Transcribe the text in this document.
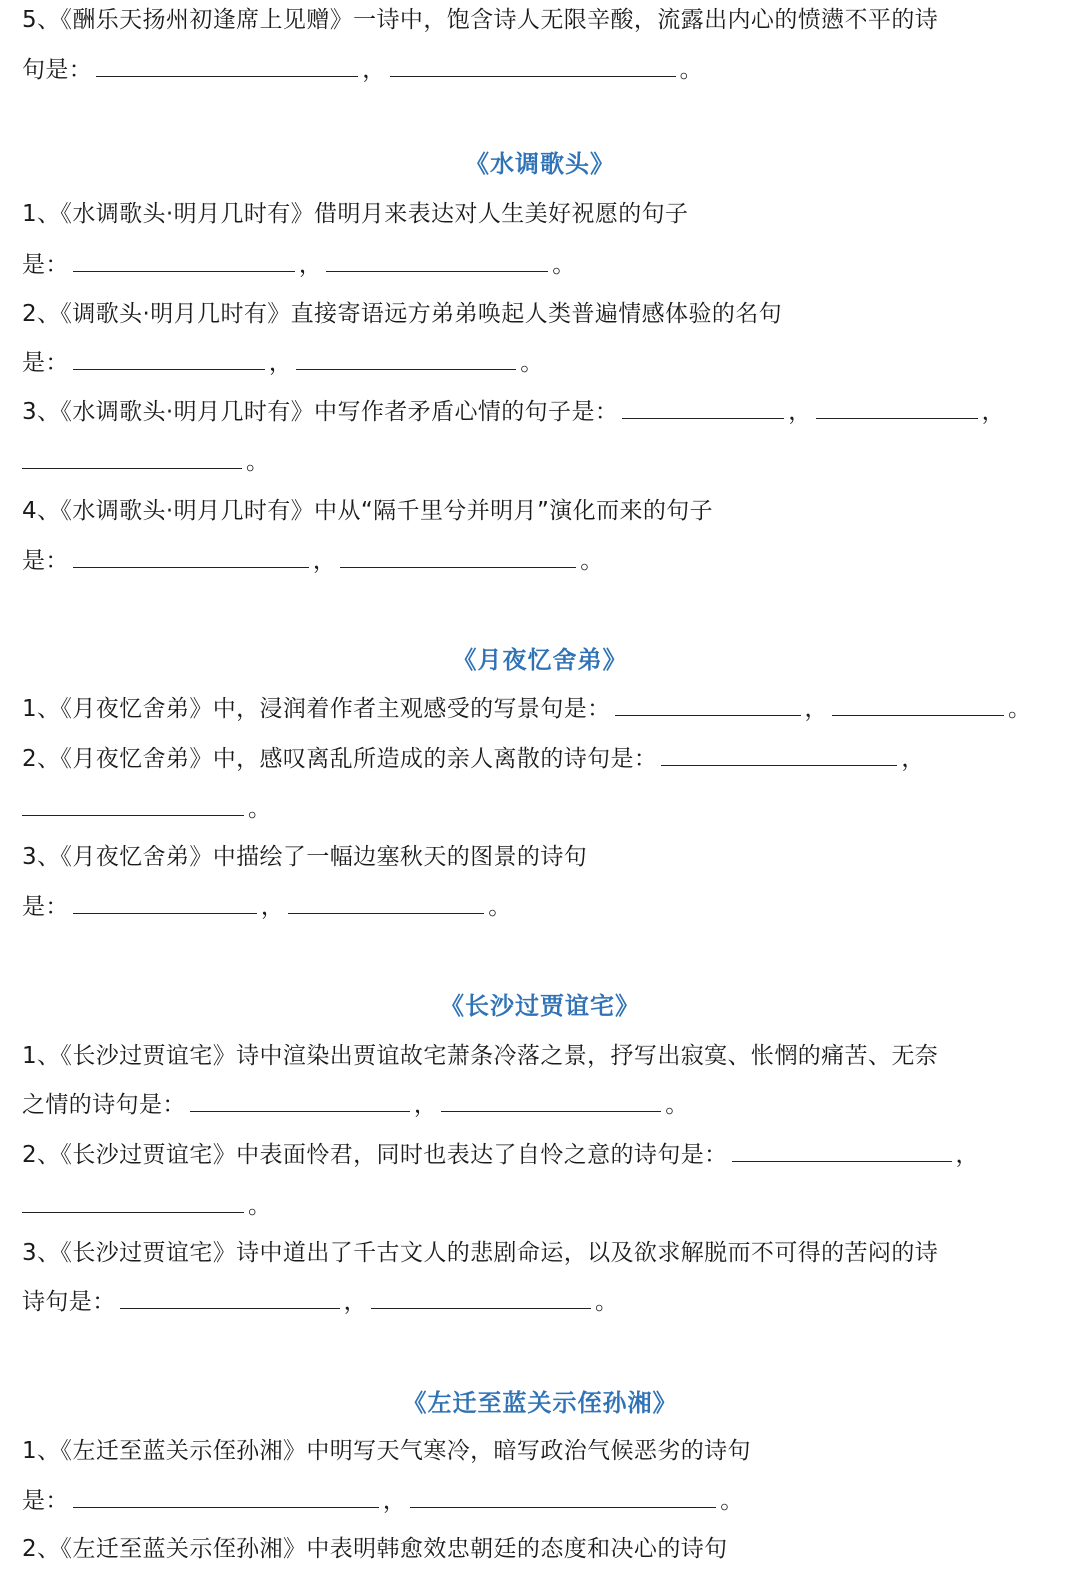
5、《酬乐天扬州初逢席上见赠》一诗中，饱含诗人无限辛酸，流露出内心的愤懑不平的诗
句是：	，	。
《水调歌头》
1、《水调歌头·明月几时有》借明月来表达对人生美好祝愿的句子
是：	，	。
2、《调歌头·明月几时有》直接寄语远方弟弟唤起人类普遍情感体验的名句
是：	，	。
3、《水调歌头·明月几时有》中写作者矛盾心情的句子是：	，	，
。
4、《水调歌头·明月几时有》中从“隔千里兮并明月”演化而来的句子
是：	，	。
《月夜忆舍弟》
1、《月夜忆舍弟》中，浸润着作者主观感受的写景句是：	，	。
2、《月夜忆舍弟》中，感叹离乱所造成的亲人离散的诗句是：	，
。
3、《月夜忆舍弟》中描绘了一幅边塞秋天的图景的诗句
是：	，	。
《长沙过贾谊宅》
1、《长沙过贾谊宅》诗中渲染出贾谊故宅萧条冷落之景，抒写出寂寞、怅惘的痛苦、无奈
之情的诗句是：	，	。
2、《长沙过贾谊宅》中表面怜君，同时也表达了自怜之意的诗句是：	，
。
3、《长沙过贾谊宅》诗中道出了千古文人的悲剧命运，以及欲求解脱而不可得的苦闷的诗
诗句是：	，	。
《左迁至蓝关示侄孙湘》
1、《左迁至蓝关示侄孙湘》中明写天气寒冷，暗写政治气候恶劣的诗句
是：	，	。
2、《左迁至蓝关示侄孙湘》中表明韩愈效忠朝廷的态度和决心的诗句
